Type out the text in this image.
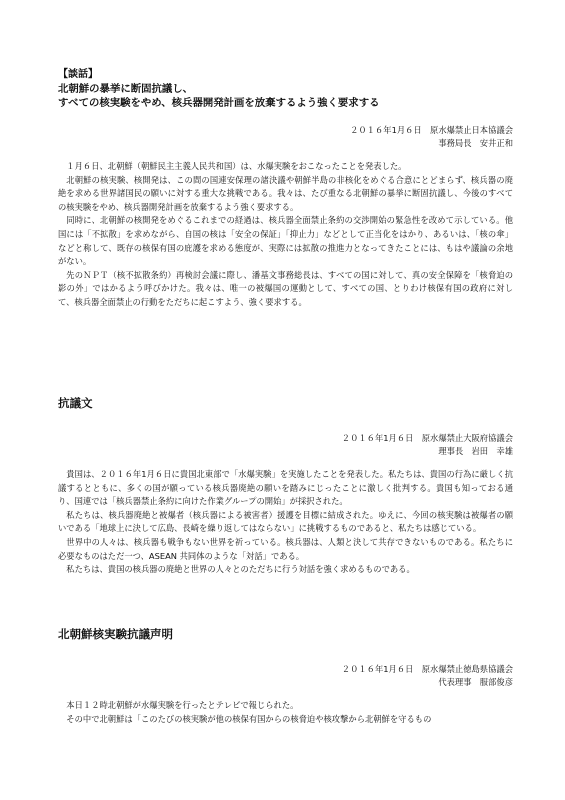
【談話】
北朝鮮の暴挙に断固抗議し、
すべての核実験をやめ、核兵器開発計画を放棄するよう強く要求する
２０１６年1月６日　原水爆禁止日本協議会
事務局長　安井正和

１月６日、北朝鮮（朝鮮民主主義人民共和国）は、水爆実験をおこなったことを発表した。

北朝鮮の核実験、核開発は、この間の国連安保理の諸決議や朝鮮半島の非核化をめぐる合意にとどまらず、核兵器の廃絶を求める世界諸国民の願いに対する重大な挑戦である。我々は、たび重なる北朝鮮の暴挙に断固抗議し、今後のすべての核実験をやめ、核兵器開発計画を放棄するよう強く要求する。

同時に、北朝鮮の核開発をめぐるこれまでの経過は、核兵器全面禁止条約の交渉開始の緊急性を改めて示している。他国には「不拡散」を求めながら、自国の核は「安全の保証」「抑止力」などとして正当化をはかり、あるいは、「核の傘」などと称して、既存の核保有国の庇護を求める態度が、実際には拡散の推進力となってきたことには、もはや議論の余地がない。

先のＮＰＴ（核不拡散条約）再検討会議に際し、潘基文事務総長は、すべての国に対して、真の安全保障を「核脅迫の影の外」ではかるよう呼びかけた。我々は、唯一の被爆国の運動として、すべての国、とりわけ核保有国の政府に対して、核兵器全面禁止の行動をただちに起こすよう、強く要求する。

抗議文
２０１６年1月６日　原水爆禁止大阪府協議会
理事長　岩田　幸雄

貴国は、２０１６年1月６日に貴国北東部で「水爆実験」を実施したことを発表した。私たちは、貴国の行為に厳しく抗議するとともに、多くの国が願っている核兵器廃絶の願いを踏みにじったことに激しく批判する。貴国も知っておる通り、国連では「核兵器禁止条約に向けた作業グループの開始」が採択された。

私たちは、核兵器廃絶と被爆者（核兵器による被害者）援護を目標に結成された。ゆえに、今回の核実験は被爆者の願いである「地球上に決して広島、長崎を繰り返してはならない」に挑戦するものであると、私たちは感じている。

世界中の人々は、核兵器も戦争もない世界を祈っている。核兵器は、人類と決して共存できないものである。私たちに必要なものはただ一つ、ASEAN 共同体のような「対話」である。

私たちは、貴国の核兵器の廃絶と世界の人々とのただちに行う対話を強く求めるものである。

北朝鮮核実験抗議声明
２０１６年1月６日　原水爆禁止徳島県協議会
代表理事　服部俊彦

本日１２時北朝鮮が水爆実験を行ったとテレビで報じられた。

その中で北朝鮮は「このたびの核実験が他の核保有国からの核脅迫や核攻撃から北朝鮮を守るもの
